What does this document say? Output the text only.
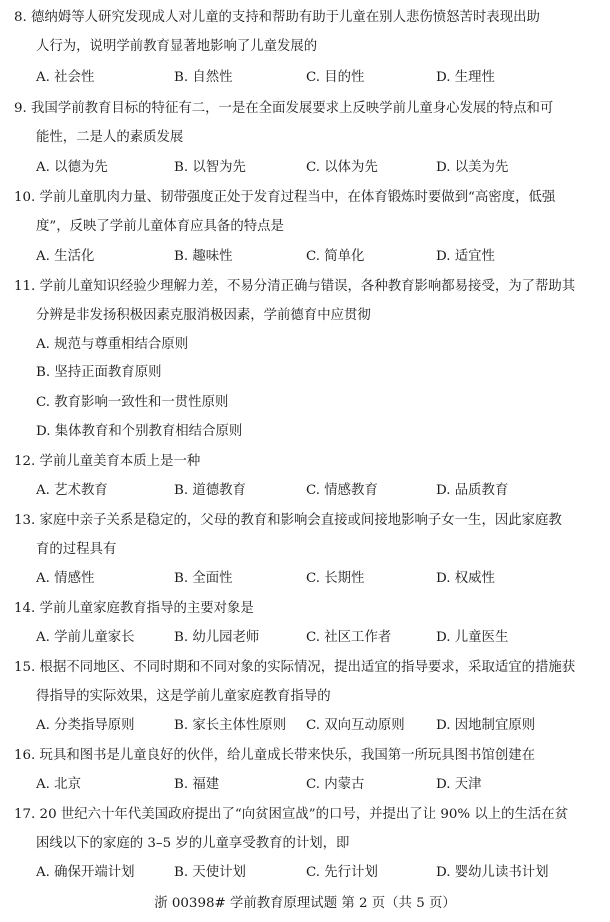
8. 德纳姆等人研究发现成人对儿童的支持和帮助有助于儿童在别人悲伤愤怒苦时表现出助
人行为，说明学前教育显著地影响了儿童发展的
A. 社会性	B. 自然性	C. 目的性	D. 生理性
9. 我国学前教育目标的特征有二，一是在全面发展要求上反映学前儿童身心发展的特点和可
能性，二是人的素质发展
A. 以德为先	B. 以智为先	C. 以体为先	D. 以美为先
10. 学前儿童肌肉力量、韧带强度正处于发育过程当中，在体育锻炼时要做到“高密度，低强
度”，反映了学前儿童体育应具备的特点是
A. 生活化	B. 趣味性	C. 简单化	D. 适宜性
11. 学前儿童知识经验少理解力差，不易分清正确与错误，各种教育影响都易接受，为了帮助其
分辨是非发扬积极因素克服消极因素，学前德育中应贯彻
A. 规范与尊重相结合原则
B. 坚持正面教育原则
C. 教育影响一致性和一贯性原则
D. 集体教育和个别教育相结合原则
12. 学前儿童美育本质上是一种
A. 艺术教育	B. 道德教育	C. 情感教育	D. 品质教育
13. 家庭中亲子关系是稳定的，父母的教育和影响会直接或间接地影响子女一生，因此家庭教
育的过程具有
A. 情感性	B. 全面性	C. 长期性	D. 权威性
14. 学前儿童家庭教育指导的主要对象是
A. 学前儿童家长	B. 幼儿园老师	C. 社区工作者	D. 儿童医生
15. 根据不同地区、不同时期和不同对象的实际情况，提出适宜的指导要求，采取适宜的措施获
得指导的实际效果，这是学前儿童家庭教育指导的
A. 分类指导原则	B. 家长主体性原则 C. 双向互动原则 D. 因地制宜原则
16. 玩具和图书是儿童良好的伙伴，给儿童成长带来快乐，我国第一所玩具图书馆创建在
A. 北京	B. 福建	C. 内蒙古	D. 天津
17. 20 世纪六十年代美国政府提出了“向贫困宣战”的口号，并提出了让 90% 以上的生活在贫
困线以下的家庭的 3–5 岁的儿童享受教育的计划，即
A. 确保开端计划	B. 天使计划	C. 先行计划	D. 婴幼儿读书计划
浙 00398# 学前教育原理试题 第 2 页（共 5 页）
